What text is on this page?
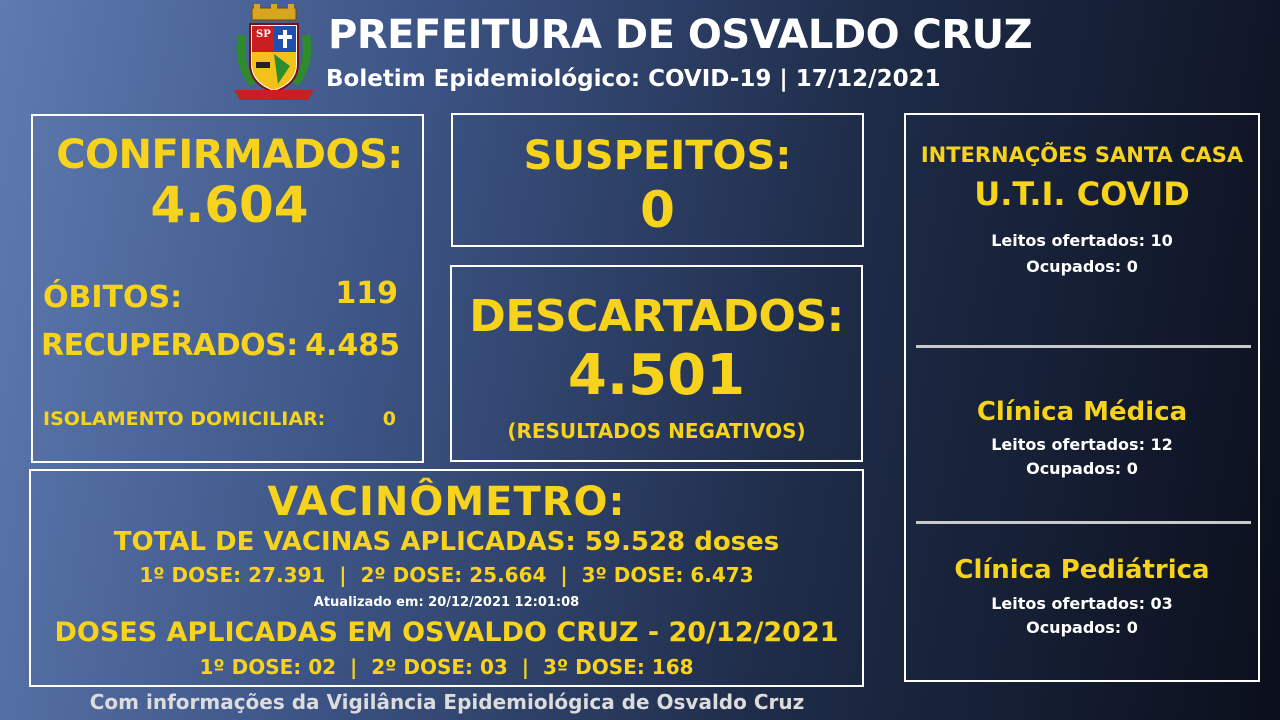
SP PREFEITURA DE OSVALDO CRUZ
Boletim Epidemiológico: COVID-19 | 17/12/2021
CONFIRMADOS:
4.604
ÓBITOS:	119
RECUPERADOS: 4.485
ISOLAMENTO DOMICILIAR:	0
SUSPEITOS:
0
DESCARTADOS:
4.501
(RESULTADOS NEGATIVOS)
VACINÔMETRO:
TOTAL DE VACINAS APLICADAS: 59.528 doses
1º DOSE: 27.391  |  2º DOSE: 25.664  |  3º DOSE: 6.473
Atualizado em: 20/12/2021 12:01:08
DOSES APLICADAS EM OSVALDO CRUZ - 20/12/2021
1º DOSE: 02  |  2º DOSE: 03  |  3º DOSE: 168
Com informações da Vigilância Epidemiológica de Osvaldo Cruz
INTERNAÇÕES SANTA CASA
U.T.I. COVID
Leitos ofertados: 10
Ocupados: 0
Clínica Médica
Leitos ofertados: 12
Ocupados: 0
Clínica Pediátrica
Leitos ofertados: 03
Ocupados: 0
